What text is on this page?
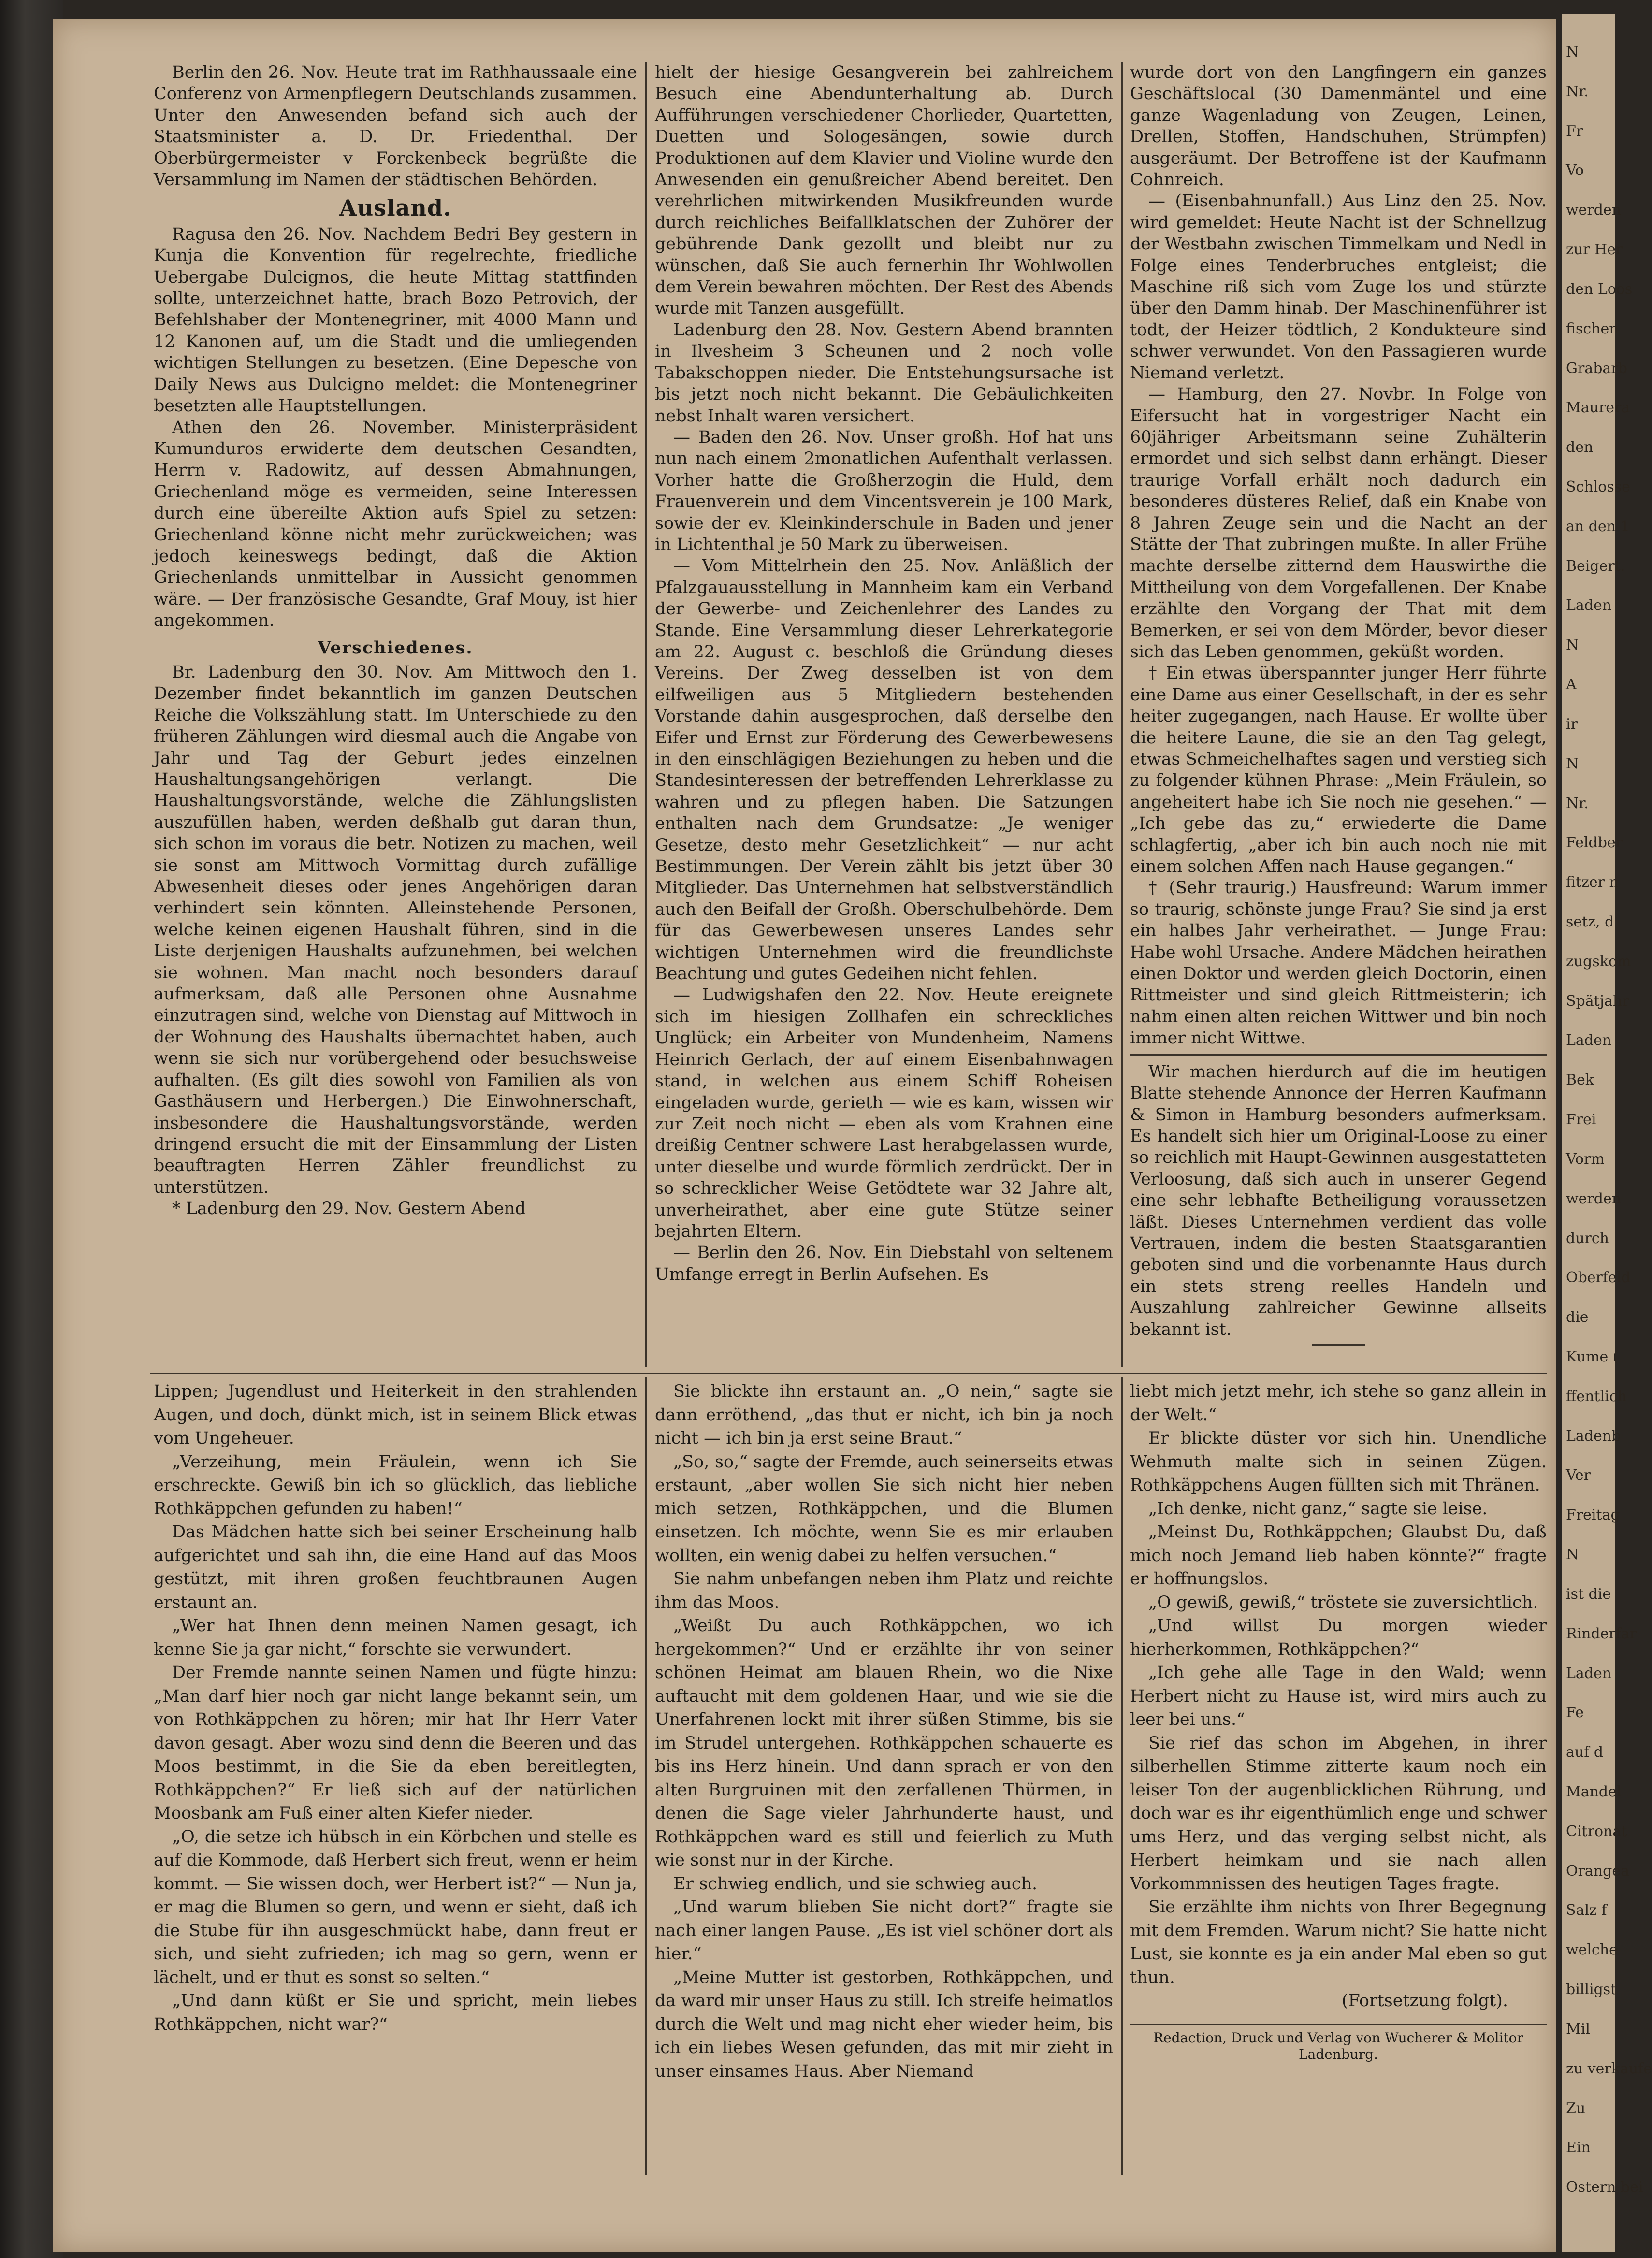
Berlin den 26. Nov. Heute trat im Rathhaussaale eine Conferenz von Armenpflegern Deutschlands zusammen. Unter den Anwesenden befand sich auch der Staatsminister a. D. Dr. Friedenthal. Der Oberbürgermeister v Forckenbeck begrüßte die Versammlung im Namen der städtischen Behörden.

Ausland.

Ragusa den 26. Nov. Nachdem Bedri Bey gestern in Kunja die Konvention für regelrechte, friedliche Uebergabe Dulcignos, die heute Mittag stattfinden sollte, unterzeichnet hatte, brach Bozo Petrovich, der Befehlshaber der Montenegriner, mit 4000 Mann und 12 Kanonen auf, um die Stadt und die umliegenden wichtigen Stellungen zu besetzen. (Eine Depesche von Daily News aus Dulcigno meldet: die Montenegriner besetzten alle Hauptstellungen.

Athen den 26. November. Ministerpräsident Kumunduros erwiderte dem deutschen Gesandten, Herrn v. Radowitz, auf dessen Abmahnungen, Griechenland möge es vermeiden, seine Interessen durch eine übereilte Aktion aufs Spiel zu setzen: Griechenland könne nicht mehr zurückweichen; was jedoch keineswegs bedingt, daß die Aktion Griechenlands unmittelbar in Aussicht genommen wäre. — Der französische Gesandte, Graf Mouy, ist hier angekommen.

Verschiedenes.

Br. Ladenburg den 30. Nov. Am Mittwoch den 1. Dezember findet bekanntlich im ganzen Deutschen Reiche die Volkszählung statt. Im Unterschiede zu den früheren Zählungen wird diesmal auch die Angabe von Jahr und Tag der Geburt jedes einzelnen Haushaltungsangehörigen verlangt. Die Haushaltungsvorstände, welche die Zählungslisten auszufüllen haben, werden deßhalb gut daran thun, sich schon im voraus die betr. Notizen zu machen, weil sie sonst am Mittwoch Vormittag durch zufällige Abwesenheit dieses oder jenes Angehörigen daran verhindert sein könnten. Alleinstehende Personen, welche keinen eigenen Haushalt führen, sind in die Liste derjenigen Haushalts aufzunehmen, bei welchen sie wohnen. Man macht noch besonders darauf aufmerksam, daß alle Personen ohne Ausnahme einzutragen sind, welche von Dienstag auf Mittwoch in der Wohnung des Haushalts übernachtet haben, auch wenn sie sich nur vorübergehend oder besuchsweise aufhalten. (Es gilt dies sowohl von Familien als von Gasthäusern und Herbergen.) Die Einwohnerschaft, insbesondere die Haushaltungsvorstände, werden dringend ersucht die mit der Einsammlung der Listen beauftragten Herren Zähler freundlichst zu unterstützen.

* Ladenburg den 29. Nov. Gestern Abend

hielt der hiesige Gesangverein bei zahlreichem Besuch eine Abendunterhaltung ab. Durch Aufführungen verschiedener Chorlieder, Quartetten, Duetten und Sologesängen, sowie durch Produktionen auf dem Klavier und Violine wurde den Anwesenden ein genußreicher Abend bereitet. Den verehrlichen mitwirkenden Musikfreunden wurde durch reichliches Beifallklatschen der Zuhörer der gebührende Dank gezollt und bleibt nur zu wünschen, daß Sie auch fernerhin Ihr Wohlwollen dem Verein bewahren möchten. Der Rest des Abends wurde mit Tanzen ausgefüllt.

Ladenburg den 28. Nov. Gestern Abend brannten in Ilvesheim 3 Scheunen und 2 noch volle Tabakschoppen nieder. Die Entstehungsursache ist bis jetzt noch nicht bekannt. Die Gebäulichkeiten nebst Inhalt waren versichert.

— Baden den 26. Nov. Unser großh. Hof hat uns nun nach einem 2monatlichen Aufenthalt verlassen. Vorher hatte die Großherzogin die Huld, dem Frauenverein und dem Vincentsverein je 100 Mark, sowie der ev. Kleinkinderschule in Baden und jener in Lichtenthal je 50 Mark zu überweisen.

— Vom Mittelrhein den 25. Nov. Anläßlich der Pfalzgauausstellung in Mannheim kam ein Verband der Gewerbe- und Zeichenlehrer des Landes zu Stande. Eine Versammlung dieser Lehrerkategorie am 22. August c. beschloß die Gründung dieses Vereins. Der Zweg desselben ist von dem eilfweiligen aus 5 Mitgliedern bestehenden Vorstande dahin ausgesprochen, daß derselbe den Eifer und Ernst zur Förderung des Gewerbewesens in den einschlägigen Beziehungen zu heben und die Standesinteressen der betreffenden Lehrerklasse zu wahren und zu pflegen haben. Die Satzungen enthalten nach dem Grundsatze: „Je weniger Gesetze, desto mehr Gesetzlichkeit“ — nur acht Bestimmungen. Der Verein zählt bis jetzt über 30 Mitglieder. Das Unternehmen hat selbstverständlich auch den Beifall der Großh. Oberschulbehörde. Dem für das Gewerbewesen unseres Landes sehr wichtigen Unternehmen wird die freundlichste Beachtung und gutes Gedeihen nicht fehlen.

— Ludwigshafen den 22. Nov. Heute ereignete sich im hiesigen Zollhafen ein schreckliches Unglück; ein Arbeiter von Mundenheim, Namens Heinrich Gerlach, der auf einem Eisenbahnwagen stand, in welchen aus einem Schiff Roheisen eingeladen wurde, gerieth — wie es kam, wissen wir zur Zeit noch nicht — eben als vom Krahnen eine dreißig Centner schwere Last herabgelassen wurde, unter dieselbe und wurde förmlich zerdrückt. Der in so schrecklicher Weise Getödtete war 32 Jahre alt, unverheirathet, aber eine gute Stütze seiner bejahrten Eltern.

— Berlin den 26. Nov. Ein Diebstahl von seltenem Umfange erregt in Berlin Aufsehen. Es

wurde dort von den Langfingern ein ganzes Geschäftslocal (30 Damenmäntel und eine ganze Wagenladung von Zeugen, Leinen, Drellen, Stoffen, Handschuhen, Strümpfen) ausgeräumt. Der Betroffene ist der Kaufmann Cohnreich.

— (Eisenbahnunfall.) Aus Linz den 25. Nov. wird gemeldet: Heute Nacht ist der Schnellzug der Westbahn zwischen Timmelkam und Nedl in Folge eines Tenderbruches entgleist; die Maschine riß sich vom Zuge los und stürzte über den Damm hinab. Der Maschinenführer ist todt, der Heizer tödtlich, 2 Kondukteure sind schwer verwundet. Von den Passagieren wurde Niemand verletzt.

— Hamburg, den 27. Novbr. In Folge von Eifersucht hat in vorgestriger Nacht ein 60jähriger Arbeitsmann seine Zuhälterin ermordet und sich selbst dann erhängt. Dieser traurige Vorfall erhält noch dadurch ein besonderes düsteres Relief, daß ein Knabe von 8 Jahren Zeuge sein und die Nacht an der Stätte der That zubringen mußte. In aller Frühe machte derselbe zitternd dem Hauswirthe die Mittheilung von dem Vorgefallenen. Der Knabe erzählte den Vorgang der That mit dem Bemerken, er sei von dem Mörder, bevor dieser sich das Leben genommen, geküßt worden.

† Ein etwas überspannter junger Herr führte eine Dame aus einer Gesellschaft, in der es sehr heiter zugegangen, nach Hause. Er wollte über die heitere Laune, die sie an den Tag gelegt, etwas Schmeichelhaftes sagen und verstieg sich zu folgender kühnen Phrase: „Mein Fräulein, so angeheitert habe ich Sie noch nie gesehen.“ — „Ich gebe das zu,“ erwiederte die Dame schlagfertig, „aber ich bin auch noch nie mit einem solchen Affen nach Hause gegangen.“

† (Sehr traurig.) Hausfreund: Warum immer so traurig, schönste junge Frau? Sie sind ja erst ein halbes Jahr verheirathet. — Junge Frau: Habe wohl Ursache. Andere Mädchen heirathen einen Doktor und werden gleich Doctorin, einen Rittmeister und sind gleich Rittmeisterin; ich nahm einen alten reichen Wittwer und bin noch immer nicht Wittwe.

Wir machen hierdurch auf die im heutigen Blatte stehende Annonce der Herren Kaufmann & Simon in Hamburg besonders aufmerksam. Es handelt sich hier um Original-Loose zu einer so reichlich mit Haupt-Gewinnen ausgestatteten Verloosung, daß sich auch in unserer Gegend eine sehr lebhafte Betheiligung voraussetzen läßt. Dieses Unternehmen verdient das volle Vertrauen, indem die besten Staatsgarantien geboten sind und die vorbenannte Haus durch ein stets streng reelles Handeln und Auszahlung zahlreicher Gewinne allseits bekannt ist.

Lippen; Jugendlust und Heiterkeit in den strahlenden Augen, und doch, dünkt mich, ist in seinem Blick etwas vom Ungeheuer.

„Verzeihung, mein Fräulein, wenn ich Sie erschreckte. Gewiß bin ich so glücklich, das liebliche Rothkäppchen gefunden zu haben!“

Das Mädchen hatte sich bei seiner Erscheinung halb aufgerichtet und sah ihn, die eine Hand auf das Moos gestützt, mit ihren großen feuchtbraunen Augen erstaunt an.

„Wer hat Ihnen denn meinen Namen gesagt, ich kenne Sie ja gar nicht,“ forschte sie verwundert.

Der Fremde nannte seinen Namen und fügte hinzu: „Man darf hier noch gar nicht lange bekannt sein, um von Rothkäppchen zu hören; mir hat Ihr Herr Vater davon gesagt. Aber wozu sind denn die Beeren und das Moos bestimmt, in die Sie da eben bereitlegten, Rothkäppchen?“ Er ließ sich auf der natürlichen Moosbank am Fuß einer alten Kiefer nieder.

„O, die setze ich hübsch in ein Körbchen und stelle es auf die Kommode, daß Herbert sich freut, wenn er heim kommt. — Sie wissen doch, wer Herbert ist?“ — Nun ja, er mag die Blumen so gern, und wenn er sieht, daß ich die Stube für ihn ausgeschmückt habe, dann freut er sich, und sieht zufrieden; ich mag so gern, wenn er lächelt, und er thut es sonst so selten.“

„Und dann küßt er Sie und spricht, mein liebes Rothkäppchen, nicht war?“

Sie blickte ihn erstaunt an. „O nein,“ sagte sie dann erröthend, „das thut er nicht, ich bin ja noch nicht — ich bin ja erst seine Braut.“

„So, so,“ sagte der Fremde, auch seinerseits etwas erstaunt, „aber wollen Sie sich nicht hier neben mich setzen, Rothkäppchen, und die Blumen einsetzen. Ich möchte, wenn Sie es mir erlauben wollten, ein wenig dabei zu helfen versuchen.“

Sie nahm unbefangen neben ihm Platz und reichte ihm das Moos.

„Weißt Du auch Rothkäppchen, wo ich hergekommen?“ Und er erzählte ihr von seiner schönen Heimat am blauen Rhein, wo die Nixe auftaucht mit dem goldenen Haar, und wie sie die Unerfahrenen lockt mit ihrer süßen Stimme, bis sie im Strudel untergehen. Rothkäppchen schauerte es bis ins Herz hinein. Und dann sprach er von den alten Burgruinen mit den zerfallenen Thürmen, in denen die Sage vieler Jahrhunderte haust, und Rothkäppchen ward es still und feierlich zu Muth wie sonst nur in der Kirche.

Er schwieg endlich, und sie schwieg auch.

„Und warum blieben Sie nicht dort?“ fragte sie nach einer langen Pause. „Es ist viel schöner dort als hier.“

„Meine Mutter ist gestorben, Rothkäppchen, und da ward mir unser Haus zu still. Ich streife heimatlos durch die Welt und mag nicht eher wieder heim, bis ich ein liebes Wesen gefunden, das mit mir zieht in unser einsames Haus. Aber Niemand

liebt mich jetzt mehr, ich stehe so ganz allein in der Welt.“

Er blickte düster vor sich hin. Unendliche Wehmuth malte sich in seinen Zügen. Rothkäppchens Augen füllten sich mit Thränen.

„Ich denke, nicht ganz,“ sagte sie leise.

„Meinst Du, Rothkäppchen; Glaubst Du, daß mich noch Jemand lieb haben könnte?“ fragte er hoffnungslos.

„O gewiß, gewiß,“ tröstete sie zuversichtlich.

„Und willst Du morgen wieder hierherkommen, Rothkäppchen?“

„Ich gehe alle Tage in den Wald; wenn Herbert nicht zu Hause ist, wird mirs auch zu leer bei uns.“

Sie rief das schon im Abgehen, in ihrer silberhellen Stimme zitterte kaum noch ein leiser Ton der augenblicklichen Rührung, und doch war es ihr eigenthümlich enge und schwer ums Herz, und das verging selbst nicht, als Herbert heimkam und sie nach allen Vorkommnissen des heutigen Tages fragte.

Sie erzählte ihm nichts von Ihrer Begegnung mit dem Fremden. Warum nicht? Sie hatte nicht Lust, sie konnte es ja ein ander Mal eben so gut thun.

(Fortsetzung folgt).

Redaction, Druck und Verlag von Wucherer & Molitor Ladenburg.
N
Nr.
Fr
Vo
werden
zur Her
den Loos
fischen
Grabarb
Maurera
den
Schlosse
an den 1
Beigert.
Laden
N
A
ir
N
Nr.
Feldber
fitzer n
setz, d
zugskom
Spätjahr
Laden
Bek
Frei
Vorm
werden
durch
Oberfeld
die
Kume (
ffentlich
Ladenb
Ver
Freitag
N
ist die
Rinderfar
Laden
Fe
auf d
Mandel
Citronat
Orangea
Salz f
welche
billigst
Mil
zu verkaufe
Zu
Ein
Ostern bei
